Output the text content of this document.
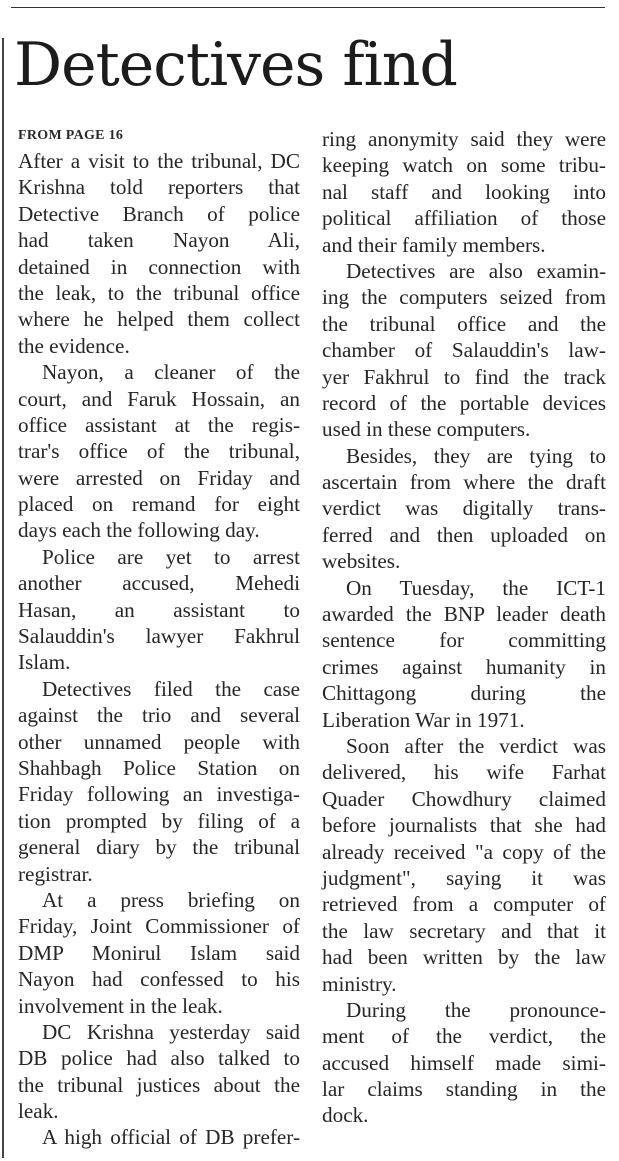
Detectives find
FROM PAGE 16
After a visit to the tribunal, DC
Krishna told reporters that
Detective Branch of police
had taken Nayon Ali,
detained in connection with
the leak, to the tribunal office
where he helped them collect
the evidence.
Nayon, a cleaner of the
court, and Faruk Hossain, an
office assistant at the regis-
trar's office of the tribunal,
were arrested on Friday and
placed on remand for eight
days each the following day.
Police are yet to arrest
another accused, Mehedi
Hasan, an assistant to
Salauddin's lawyer Fakhrul
Islam.
Detectives filed the case
against the trio and several
other unnamed people with
Shahbagh Police Station on
Friday following an investiga-
tion prompted by filing of a
general diary by the tribunal
registrar.
At a press briefing on
Friday, Joint Commissioner of
DMP Monirul Islam said
Nayon had confessed to his
involvement in the leak.
DC Krishna yesterday said
DB police had also talked to
the tribunal justices about the
leak.
A high official of DB prefer-
ring anonymity said they were
keeping watch on some tribu-
nal staff and looking into
political affiliation of those
and their family members.
Detectives are also examin-
ing the computers seized from
the tribunal office and the
chamber of Salauddin's law-
yer Fakhrul to find the track
record of the portable devices
used in these computers.
Besides, they are tying to
ascertain from where the draft
verdict was digitally trans-
ferred and then uploaded on
websites.
On Tuesday, the ICT-1
awarded the BNP leader death
sentence for committing
crimes against humanity in
Chittagong during the
Liberation War in 1971.
Soon after the verdict was
delivered, his wife Farhat
Quader Chowdhury claimed
before journalists that she had
already received "a copy of the
judgment", saying it was
retrieved from a computer of
the law secretary and that it
had been written by the law
ministry.
During the pronounce-
ment of the verdict, the
accused himself made simi-
lar claims standing in the
dock.
